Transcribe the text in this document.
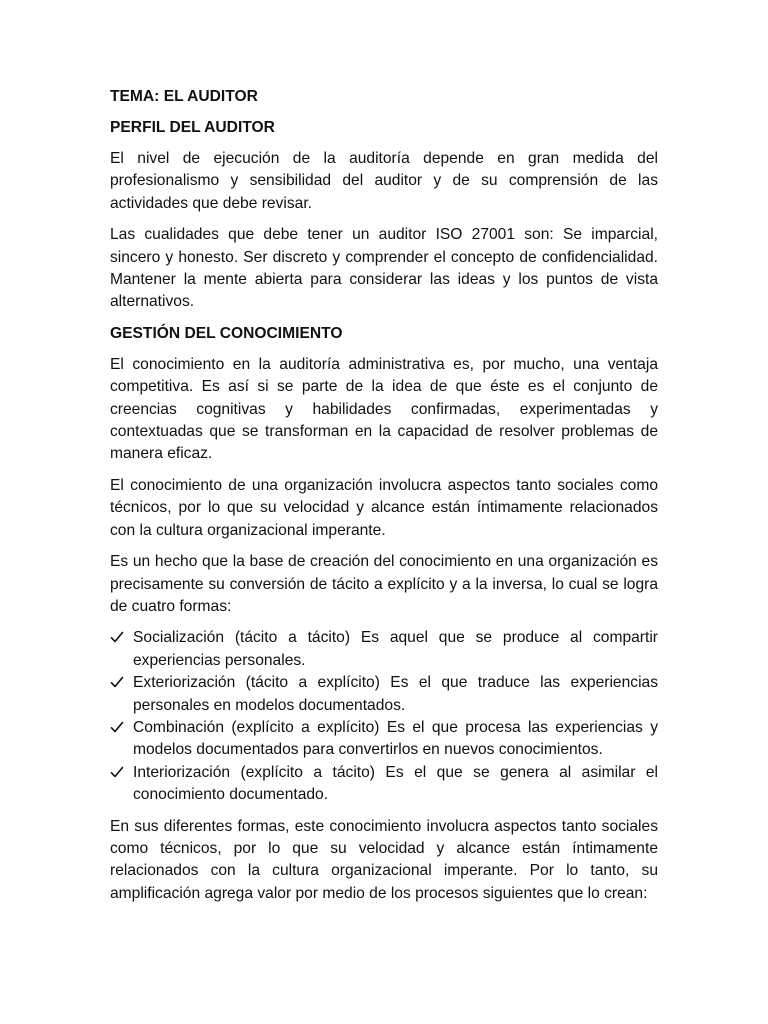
TEMA: EL AUDITOR

PERFIL DEL AUDITOR

El nivel de ejecución de la auditoría depende en gran medida del profesionalismo y sensibilidad del auditor y de su comprensión de las actividades que debe revisar.

Las cualidades que debe tener un auditor ISO 27001 son: Se imparcial, sincero y honesto. Ser discreto y comprender el concepto de confidencialidad. Mantener la mente abierta para considerar las ideas y los puntos de vista alternativos.

GESTIÓN DEL CONOCIMIENTO

El conocimiento en la auditoría administrativa es, por mucho, una ventaja competitiva. Es así si se parte de la idea de que éste es el conjunto de creencias cognitivas y habilidades confirmadas, experimentadas y contextuadas que se transforman en la capacidad de resolver problemas de manera eficaz.

El conocimiento de una organización involucra aspectos tanto sociales como técnicos, por lo que su velocidad y alcance están íntimamente relacionados con la cultura organizacional imperante.

Es un hecho que la base de creación del conocimiento en una organización es precisamente su conversión de tácito a explícito y a la inversa, lo cual se logra de cuatro formas:

Socialización (tácito a tácito) Es aquel que se produce al compartir experiencias personales.
Exteriorización (tácito a explícito) Es el que traduce las experiencias personales en modelos documentados.
Combinación (explícito a explícito) Es el que procesa las experiencias y modelos documentados para convertirlos en nuevos conocimientos.
Interiorización (explícito a tácito) Es el que se genera al asimilar el conocimiento documentado.

En sus diferentes formas, este conocimiento involucra aspectos tanto sociales como técnicos, por lo que su velocidad y alcance están íntimamente relacionados con la cultura organizacional imperante. Por lo tanto, su amplificación agrega valor por medio de los procesos siguientes que lo crean:
